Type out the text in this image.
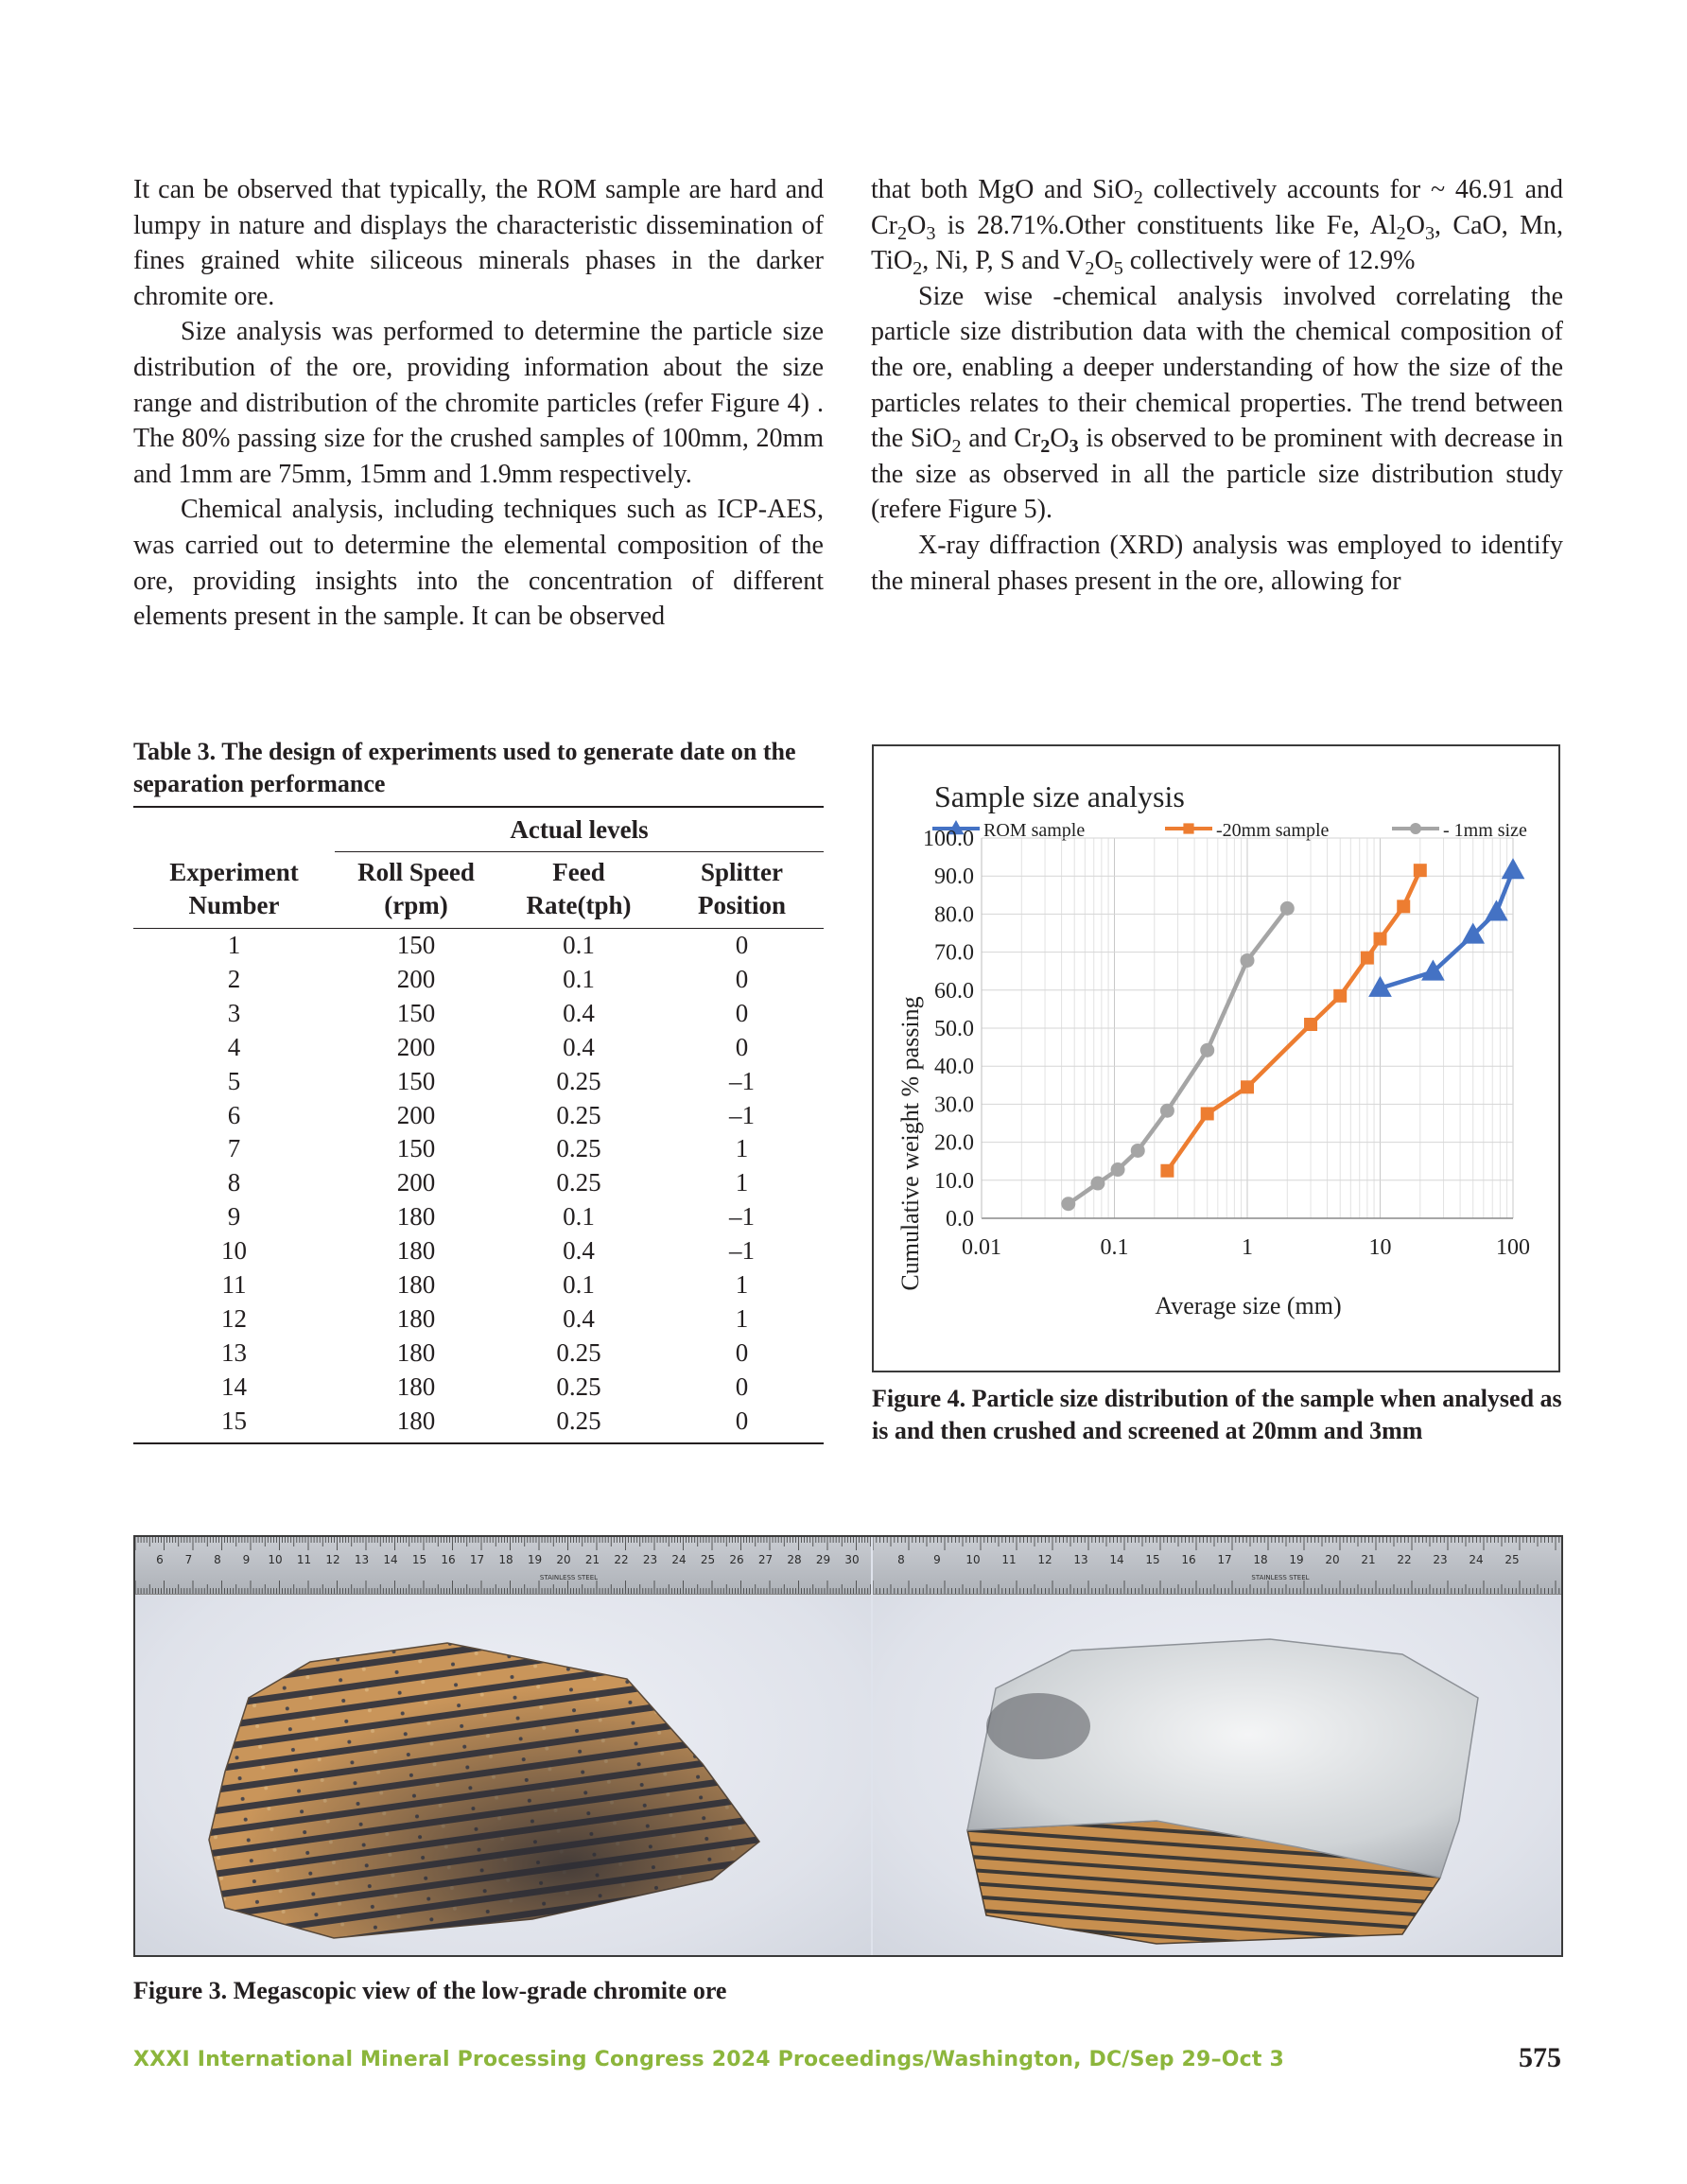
It can be observed that typically, the ROM sample are hard and lumpy in nature and displays the characteristic dissemination of fines grained white siliceous minerals phases in the darker chromite ore.

Size analysis was performed to determine the particle size distribution of the ore, providing information about the size range and distribution of the chromite particles (refer Figure 4) . The 80% passing size for the crushed samples of 100mm, 20mm and 1mm are 75mm, 15mm and 1.9mm respectively.

Chemical analysis, including techniques such as ICP-AES, was carried out to determine the elemental composition of the ore, providing insights into the concentration of different elements present in the sample. It can be observed

that both MgO and SiO$_2$ collectively accounts for ~ 46.91 and $Cr_2O_3$ is 28.71%.Other constituents like Fe, $Al_2O_3$, CaO, Mn, TiO$_2$, Ni, P, S and $V_2O_5$ collectively were of 12.9%

Size wise -chemical analysis involved correlating the particle size distribution data with the chemical composition of the ore, enabling a deeper understanding of how the size of the particles relates to their chemical properties. The trend between the SiO$_2$ and $Cr_2O_3$ is observed to be prominent with decrease in the size as observed in all the particle size distribution study (refere Figure 5).

X-ray diffraction (XRD) analysis was employed to identify the mineral phases present in the ore, allowing for

Table 3. The design of experiments used to generate date on the separation performance
Experiment Number	Actual levels		
	Roll Speed (rpm)	Feed Rate(tph)	Splitter Position
1	150	0.1	0
2	200	0.1	0
3	150	0.4	0
4	200	0.4	0
5	150	0.25	–1
6	200	0.25	–1
7	150	0.25	1
8	200	0.25	1
9	180	0.1	–1
10	180	0.4	–1
11	180	0.1	1
12	180	0.4	1
13	180	0.25	0
14	180	0.25	0
15	180	0.25	0
Sample size analysis
ROM sample	-20mm sample	- 1mm size
0.0
10.0
20.0
30.0
40.0
50.0
60.0
70.0
80.0
90.0
100.0
0.01	0.1	1	10	100
Cumulative weight % passing
Average size (mm)
Figure 4. Particle size distribution of the sample when analysed as is and then crushed and screened at 20mm and 3mm
6 7 8 9 10 11 12 13 14 15 16 17 18 19 20 21 22 23 24 25 26 27 28 29 30
STAINLESS STEEL
8	9 10 11 12 13 14 15 16 17 18 19 20 21 22 23 24 25
STAINLESS STEEL
Figure 3. Megascopic view of the low-grade chromite ore
XXXI International Mineral Processing Congress 2024 Proceedings/Washington, DC/Sep 29–Oct 3	575
